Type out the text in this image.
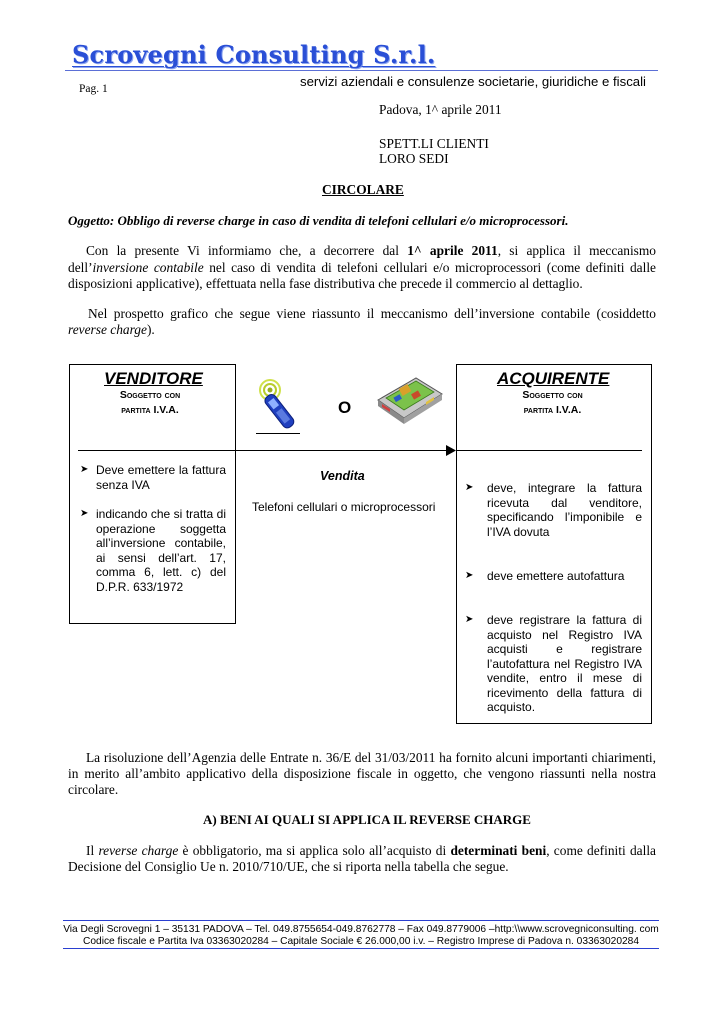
Scrovegni Consulting S.r.l.
servizi aziendali e consulenze societarie, giuridiche e fiscali
Pag. 1
Padova, 1^ aprile 2011
SPETT.LI CLIENTI
LORO SEDI
CIRCOLARE
Oggetto: Obbligo di reverse charge in caso di vendita di telefoni cellulari e/o microprocessori.
Con la presente Vi informiamo che, a decorrere dal 1^ aprile 2011, si applica il meccanismo
dell’inversione contabile nel caso di vendita di telefoni cellulari e/o microprocessori (come definiti dalle
disposizioni applicative), effettuata nella fase distributiva che precede il commercio al dettaglio.
Nel prospetto grafico che segue viene riassunto il meccanismo dell’inversione contabile (cosiddetto
reverse charge).
VENDITORE
Soggetto con
partita I.V.A.
ACQUIRENTE
Soggetto con
partita I.V.A.
O
Vendita
Telefoni cellulari o microprocessori
➤ Deve emettere la fattura senza IVA
➤ indicando che si tratta di operazione soggetta all’inversione contabile, ai sensi dell’art. 17, comma 6, lett. c) del D.P.R. 633/1972
➤ deve, integrare la fattura ricevuta dal venditore, specificando l’imponibile e l’IVA dovuta
➤ deve emettere autofattura
➤ deve registrare la fattura di acquisto nel Registro IVA acquisti e registrare l’autofattura nel Registro IVA vendite, entro il mese di ricevimento della fattura di acquisto.
La risoluzione dell’Agenzia delle Entrate n. 36/E del 31/03/2011 ha fornito alcuni importanti chiarimenti,
in merito all’ambito applicativo della disposizione fiscale in oggetto, che vengono riassunti nella nostra
circolare.
A) BENI AI QUALI SI APPLICA IL REVERSE CHARGE
Il reverse charge è obbligatorio, ma si applica solo all’acquisto di determinati beni, come definiti dalla
Decisione del Consiglio Ue n. 2010/710/UE, che si riporta nella tabella che segue.
Via Degli Scrovegni 1 – 35131 PADOVA – Tel. 049.8755654-049.8762778 – Fax 049.8779006 –http:\\www.scrovegniconsulting. com
Codice fiscale e Partita Iva 03363020284 – Capitale Sociale € 26.000,00 i.v. – Registro Imprese di Padova n. 03363020284
